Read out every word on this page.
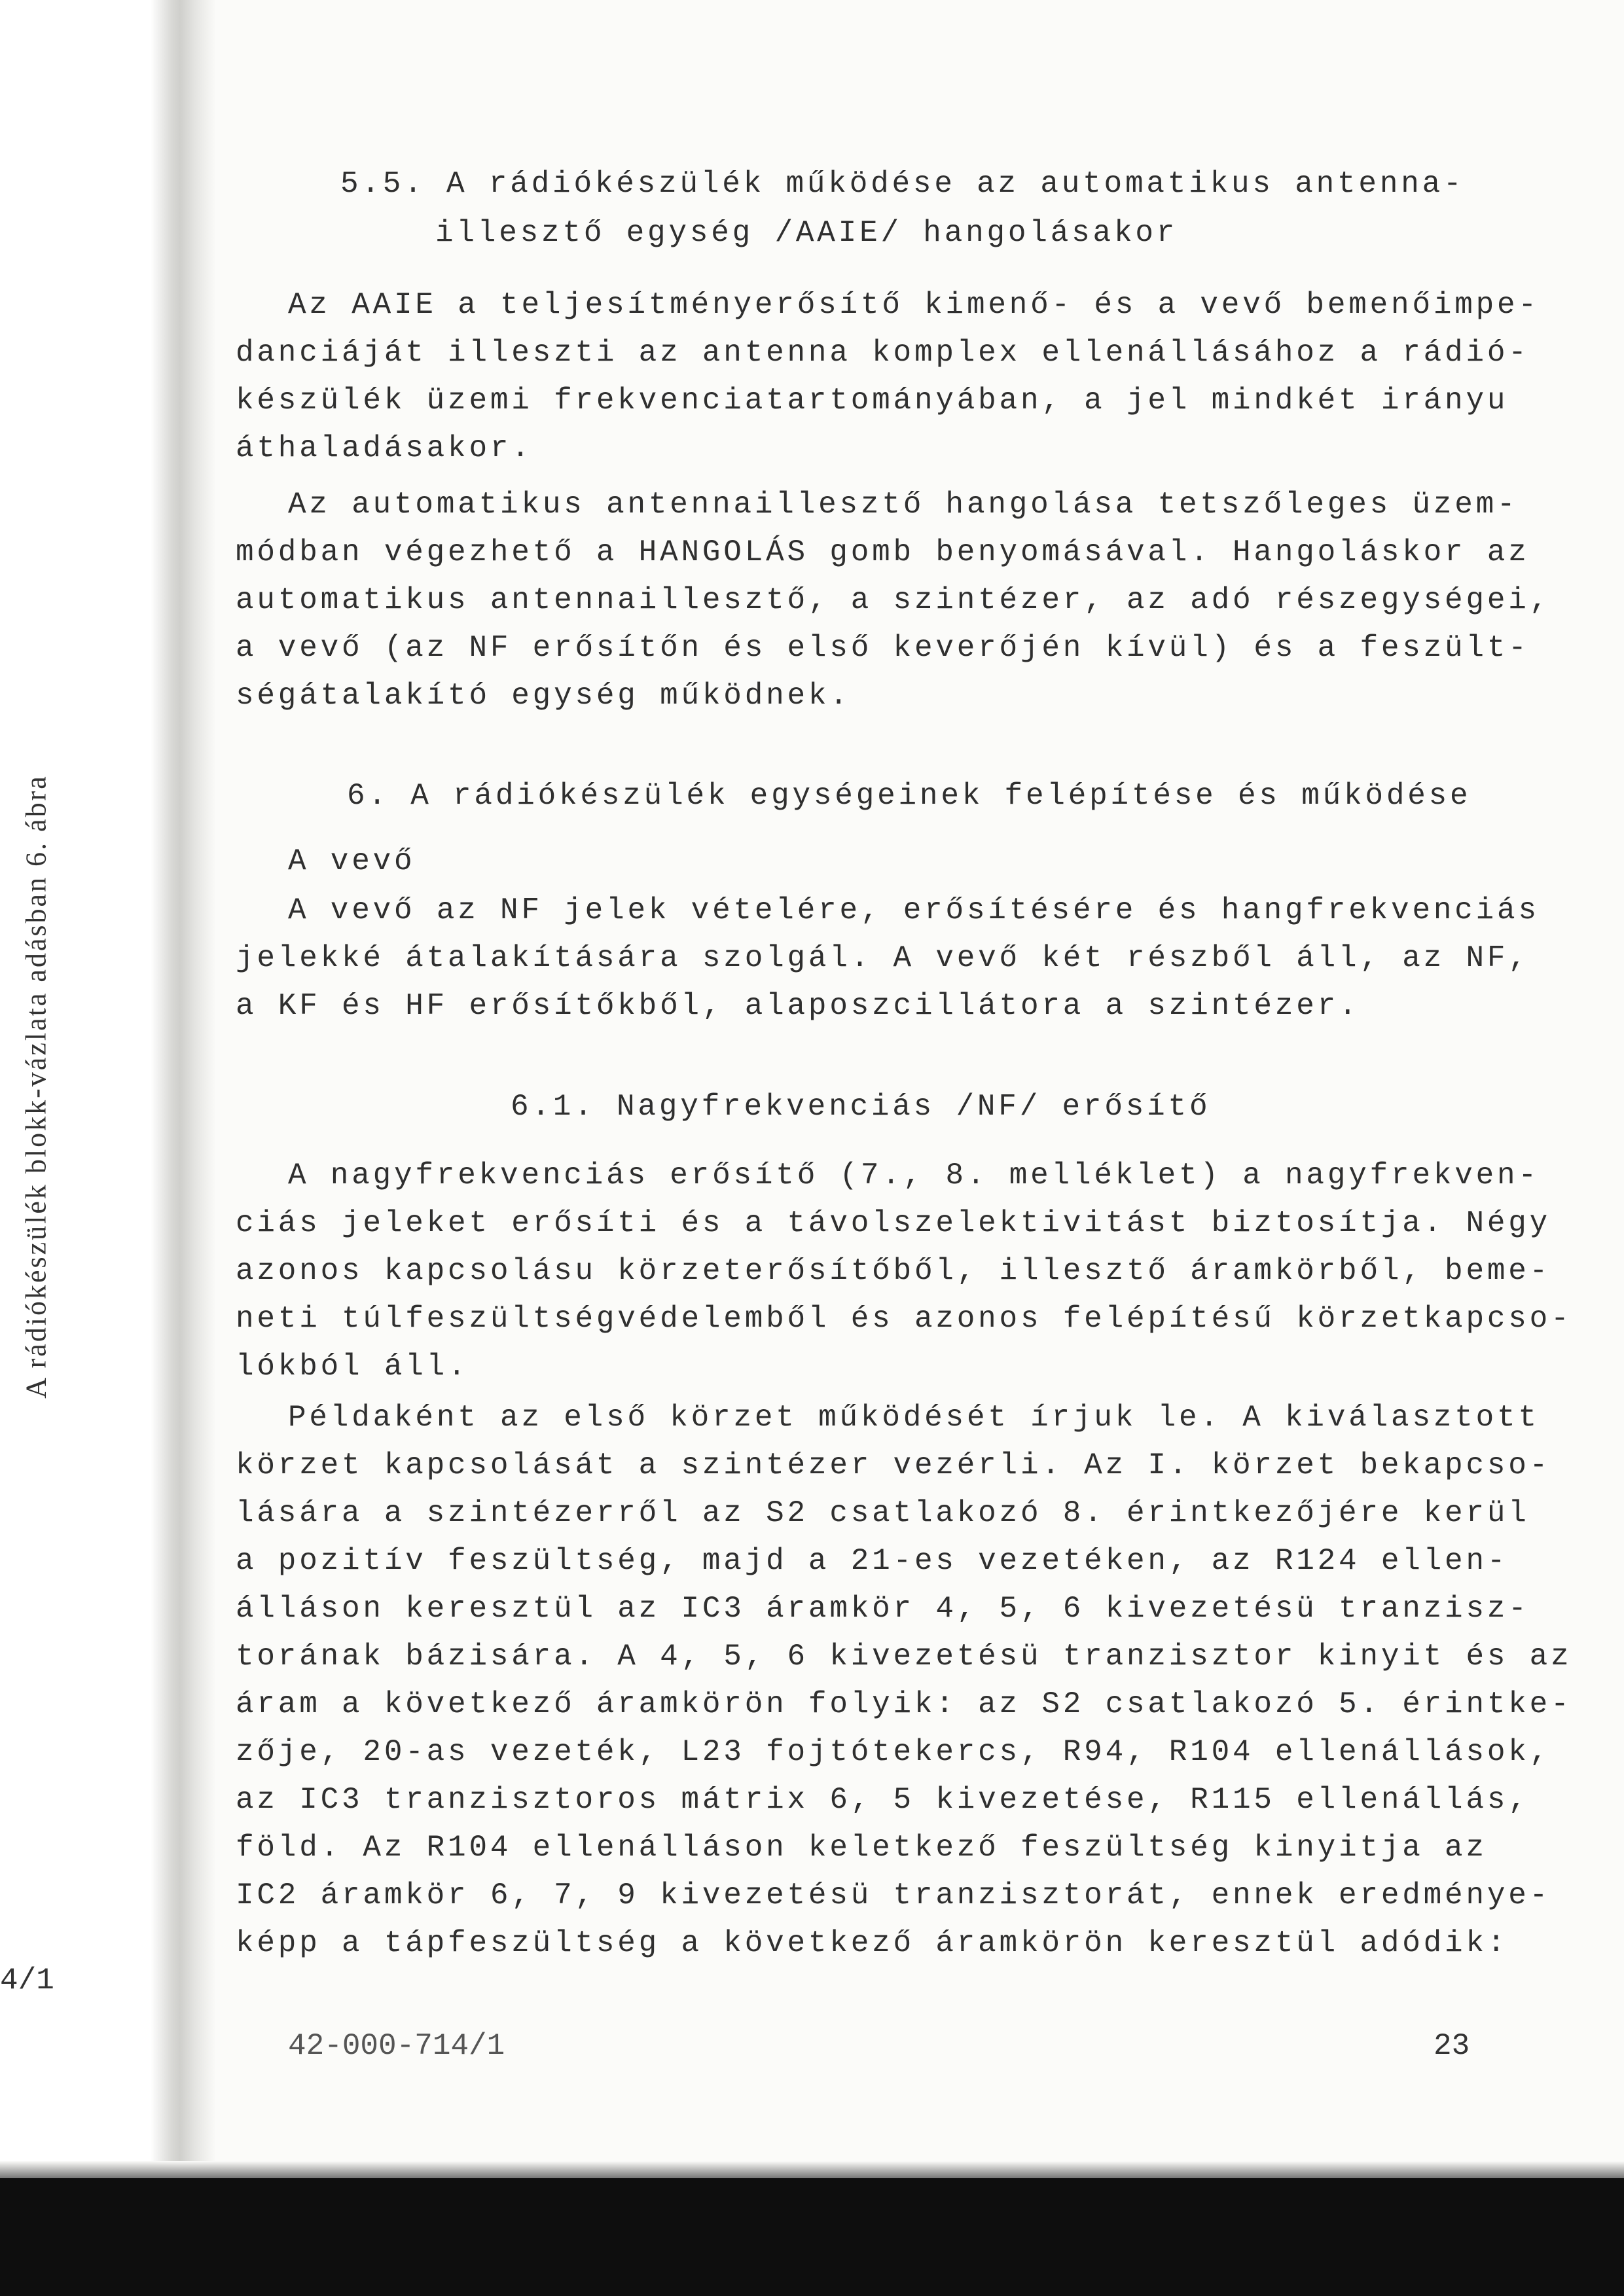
A rádiókészülék blokk-vázlata adásban 6. ábra
4/1
5.5. A rádiókészülék működése az automatikus antenna-
illesztő egység /AAIE/ hangolásakor
Az AAIE a teljesítményerősítő kimenő- és a vevő bemenőimpe-
danciáját illeszti az antenna komplex ellenállásához a rádió-
készülék üzemi frekvenciatartományában, a jel mindkét irányu
áthaladásakor.
Az automatikus antennaillesztő hangolása tetszőleges üzem-
módban végezhető a HANGOLÁS gomb benyomásával. Hangoláskor az
automatikus antennaillesztő, a szintézer, az adó részegységei,
a vevő (az NF erősítőn és első keverőjén kívül) és a feszült-
ségátalakító egység működnek.
6. A rádiókészülék egységeinek felépítése és működése
A vevő
A vevő az NF jelek vételére, erősítésére és hangfrekvenciás
jelekké átalakítására szolgál. A vevő két részből áll, az NF,
a KF és HF erősítőkből, alaposzcillátora a szintézer.
6.1. Nagyfrekvenciás /NF/ erősítő
A nagyfrekvenciás erősítő (7., 8. melléklet) a nagyfrekven-
ciás jeleket erősíti és a távolszelektivitást biztosítja. Négy
azonos kapcsolásu körzeterősítőből, illesztő áramkörből, beme-
neti túlfeszültségvédelemből és azonos felépítésű körzetkapcso-
lókból áll.
Példaként az első körzet működését írjuk le. A kiválasztott
körzet kapcsolását a szintézer vezérli. Az I. körzet bekapcso-
lására a szintézerről az S2 csatlakozó 8. érintkezőjére kerül
a pozitív feszültség, majd a 21-es vezetéken, az R124 ellen-
álláson keresztül az IC3 áramkör 4, 5, 6 kivezetésü tranzisz-
torának bázisára. A 4, 5, 6 kivezetésü tranzisztor kinyit és az
áram a következő áramkörön folyik: az S2 csatlakozó 5. érintke-
zője, 20-as vezeték, L23 fojtótekercs, R94, R104 ellenállások,
az IC3 tranzisztoros mátrix 6, 5 kivezetése, R115 ellenállás,
föld. Az R104 ellenálláson keletkező feszültség kinyitja az
IC2 áramkör 6, 7, 9 kivezetésü tranzisztorát, ennek eredménye-
képp a tápfeszültség a következő áramkörön keresztül adódik:
42-000-714/1	23
